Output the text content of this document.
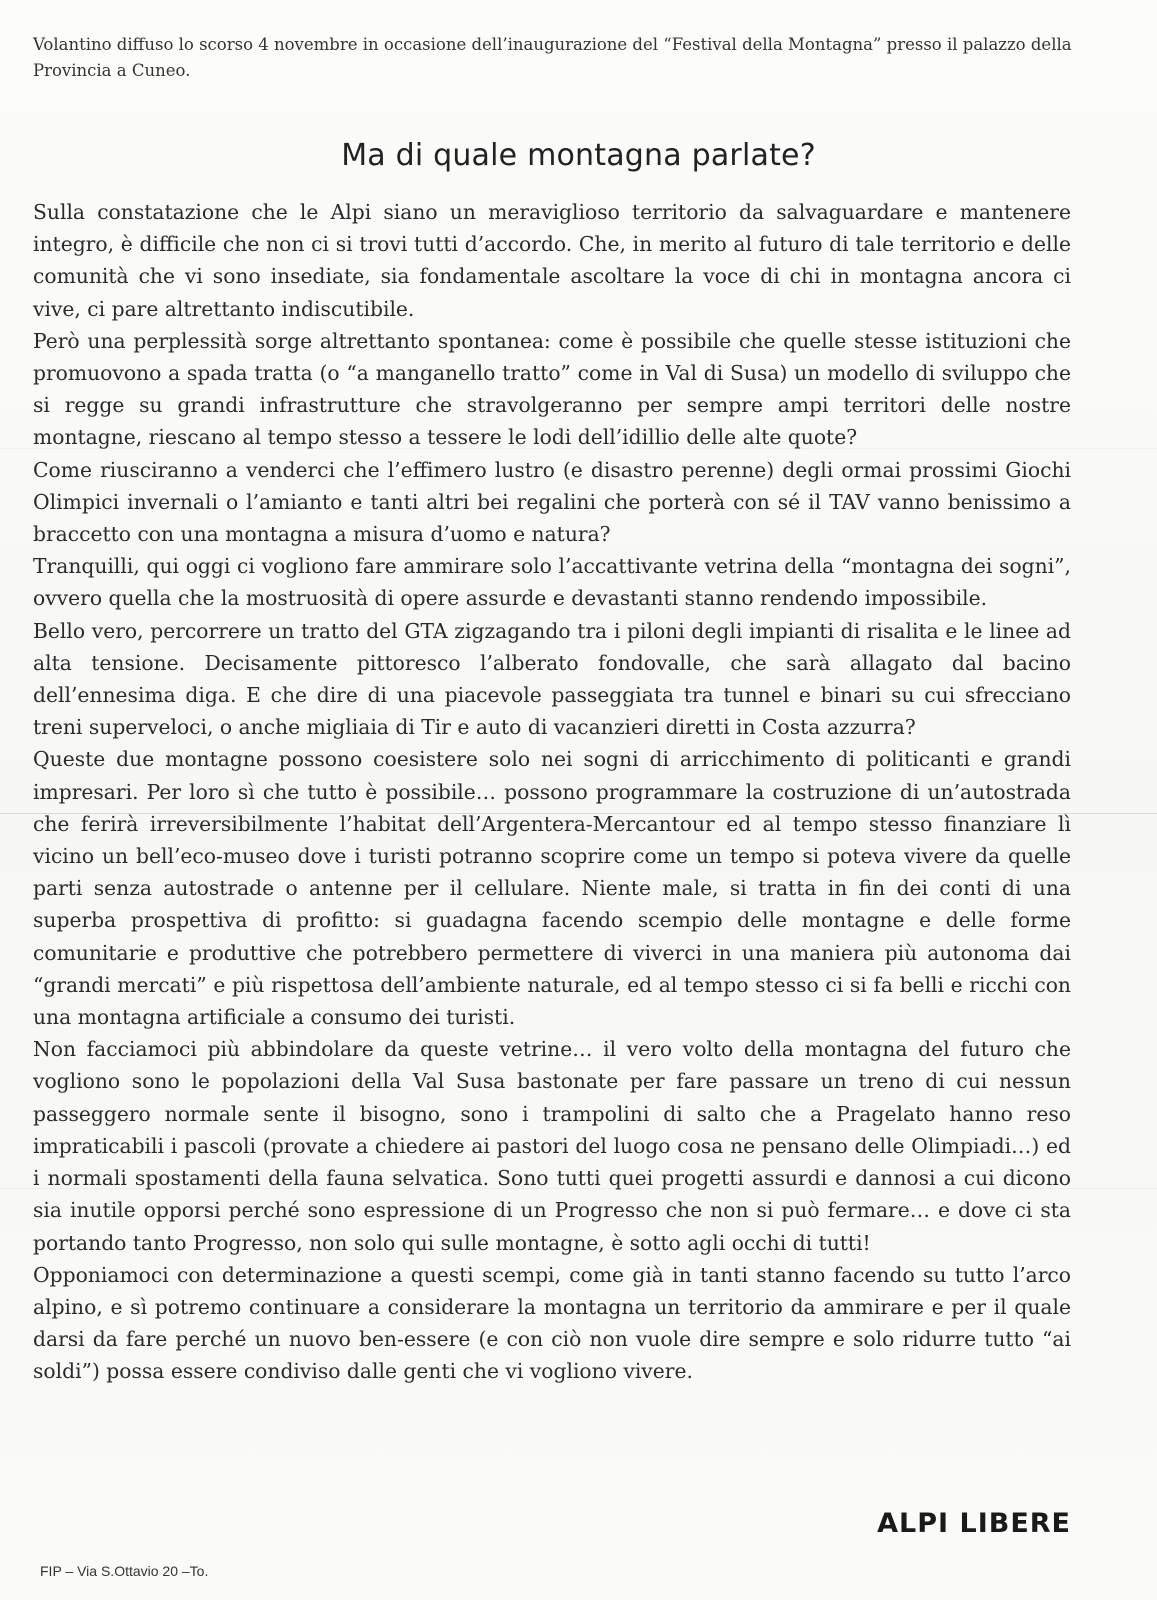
Volantino diffuso lo scorso 4 novembre in occasione dell’inaugurazione del “Festival della Montagna” presso il palazzo della Provincia a Cuneo.
Ma di quale montagna parlate?

Sulla constatazione che le Alpi siano un meraviglioso territorio da salvaguardare e mantenere integro, è difficile che non ci si trovi tutti d’accordo. Che, in merito al futuro di tale territorio e delle comunità che vi sono insediate, sia fondamentale ascoltare la voce di chi in montagna ancora ci vive, ci pare altrettanto indiscutibile.

Però una perplessità sorge altrettanto spontanea: come è possibile che quelle stesse istituzioni che promuovono a spada tratta (o “a manganello tratto” come in Val di Susa) un modello di sviluppo che si regge su grandi infrastrutture che stravolgeranno per sempre ampi territori delle nostre montagne, riescano al tempo stesso a tessere le lodi dell’idillio delle alte quote?

Come riusciranno a venderci che l’effimero lustro (e disastro perenne) degli ormai prossimi Giochi Olimpici invernali o l’amianto e tanti altri bei regalini che porterà con sé il TAV vanno benissimo a braccetto con una montagna a misura d’uomo e natura?

Tranquilli, qui oggi ci vogliono fare ammirare solo l’accattivante vetrina della “montagna dei sogni”, ovvero quella che la mostruosità di opere assurde e devastanti stanno rendendo impossibile.

Bello vero, percorrere un tratto del GTA zigzagando tra i piloni degli impianti di risalita e le linee ad alta tensione. Decisamente pittoresco l’alberato fondovalle, che sarà allagato dal bacino dell’ennesima diga. E che dire di una piacevole passeggiata tra tunnel e binari su cui sfrecciano treni superveloci, o anche migliaia di Tir e auto di vacanzieri diretti in Costa azzurra?

Queste due montagne possono coesistere solo nei sogni di arricchimento di politicanti e grandi impresari. Per loro sì che tutto è possibile… possono programmare la costruzione di un’autostrada che ferirà irreversibilmente l’habitat dell’Argentera-Mercantour ed al tempo stesso finanziare lì vicino un bell’eco-museo dove i turisti potranno scoprire come un tempo si poteva vivere da quelle parti senza autostrade o antenne per il cellulare. Niente male, si tratta in fin dei conti di una superba prospettiva di profitto: si guadagna facendo scempio delle montagne e delle forme comunitarie e produttive che potrebbero permettere di viverci in una maniera più autonoma dai “grandi mercati” e più rispettosa dell’ambiente naturale, ed al tempo stesso ci si fa belli e ricchi con una montagna artificiale a consumo dei turisti.

Non facciamoci più abbindolare da queste vetrine… il vero volto della montagna del futuro che vogliono sono le popolazioni della Val Susa bastonate per fare passare un treno di cui nessun passeggero normale sente il bisogno, sono i trampolini di salto che a Pragelato hanno reso impraticabili i pascoli (provate a chiedere ai pastori del luogo cosa ne pensano delle Olimpiadi…) ed i normali spostamenti della fauna selvatica. Sono tutti quei progetti assurdi e dannosi a cui dicono sia inutile opporsi perché sono espressione di un Progresso che non si può fermare… e dove ci sta portando tanto Progresso, non solo qui sulle montagne, è sotto agli occhi di tutti!

Opponiamoci con determinazione a questi scempi, come già in tanti stanno facendo su tutto l’arco alpino, e sì potremo continuare a considerare la montagna un territorio da ammirare e per il quale darsi da fare perché un nuovo ben-essere (e con ciò non vuole dire sempre e solo ridurre tutto “ai soldi”) possa essere condiviso dalle genti che vi vogliono vivere.

ALPI LIBERE
FIP – Via S.Ottavio 20 –To.
